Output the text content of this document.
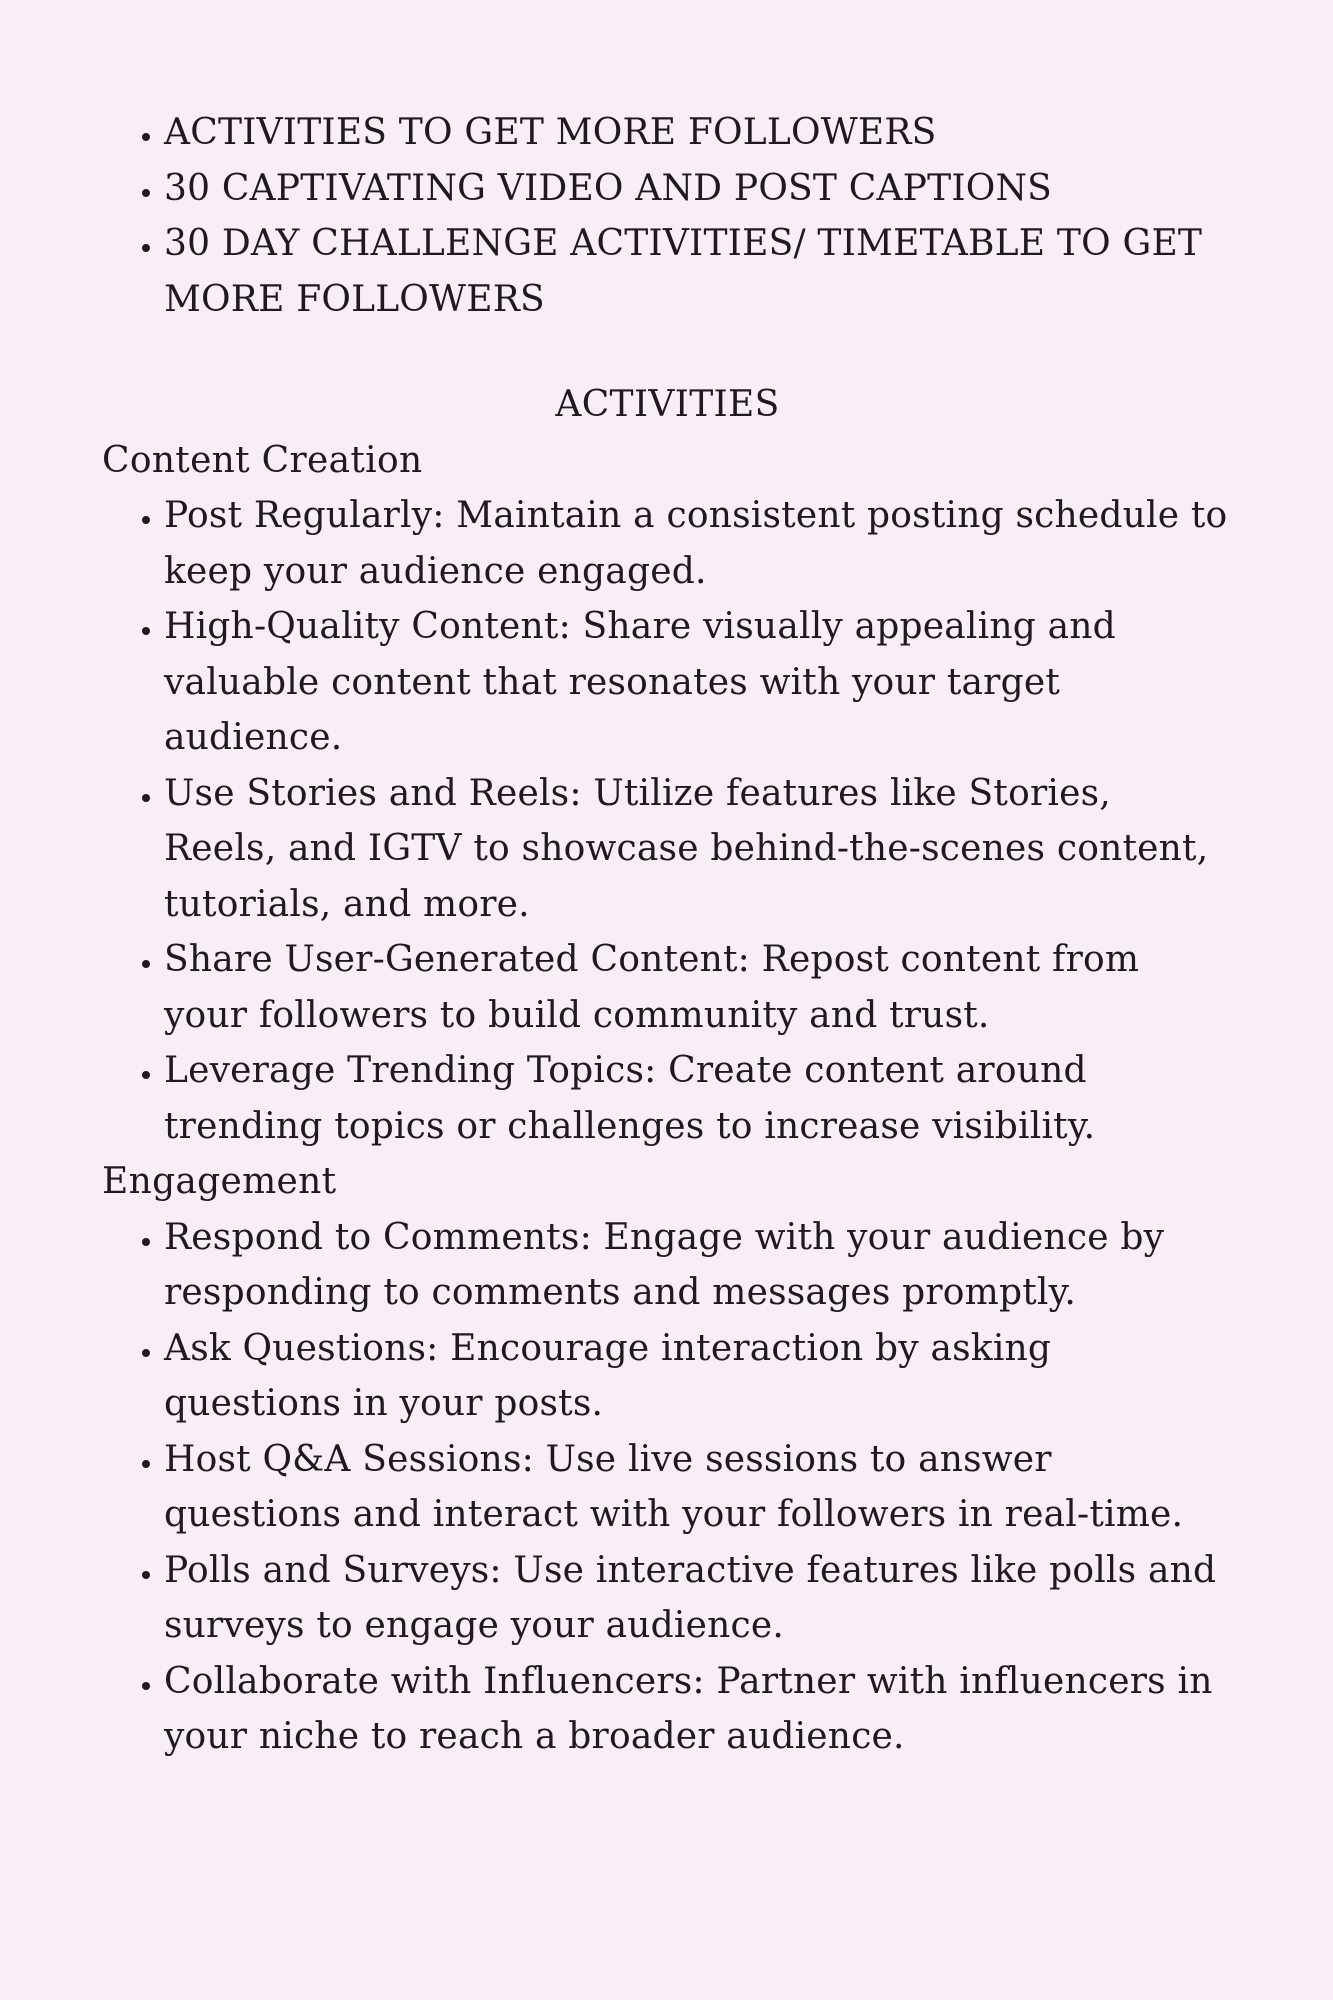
• ACTIVITIES TO GET MORE FOLLOWERS
• 30 CAPTIVATING VIDEO AND POST CAPTIONS
• 30 DAY CHALLENGE ACTIVITIES/ TIMETABLE TO GET MORE FOLLOWERS
ACTIVITIES
Content Creation
• Post Regularly: Maintain a consistent posting schedule to keep your audience engaged.
• High-Quality Content: Share visually appealing and valuable content that resonates with your target audience.
• Use Stories and Reels: Utilize features like Stories, Reels, and IGTV to showcase behind-the-scenes content, tutorials, and more.
• Share User-Generated Content: Repost content from your followers to build community and trust.
• Leverage Trending Topics: Create content around trending topics or challenges to increase visibility.
Engagement
• Respond to Comments: Engage with your audience by responding to comments and messages promptly.
• Ask Questions: Encourage interaction by asking questions in your posts.
• Host Q&A Sessions: Use live sessions to answer questions and interact with your followers in real-time.
• Polls and Surveys: Use interactive features like polls and surveys to engage your audience.
• Collaborate with Influencers: Partner with influencers in your niche to reach a broader audience.
